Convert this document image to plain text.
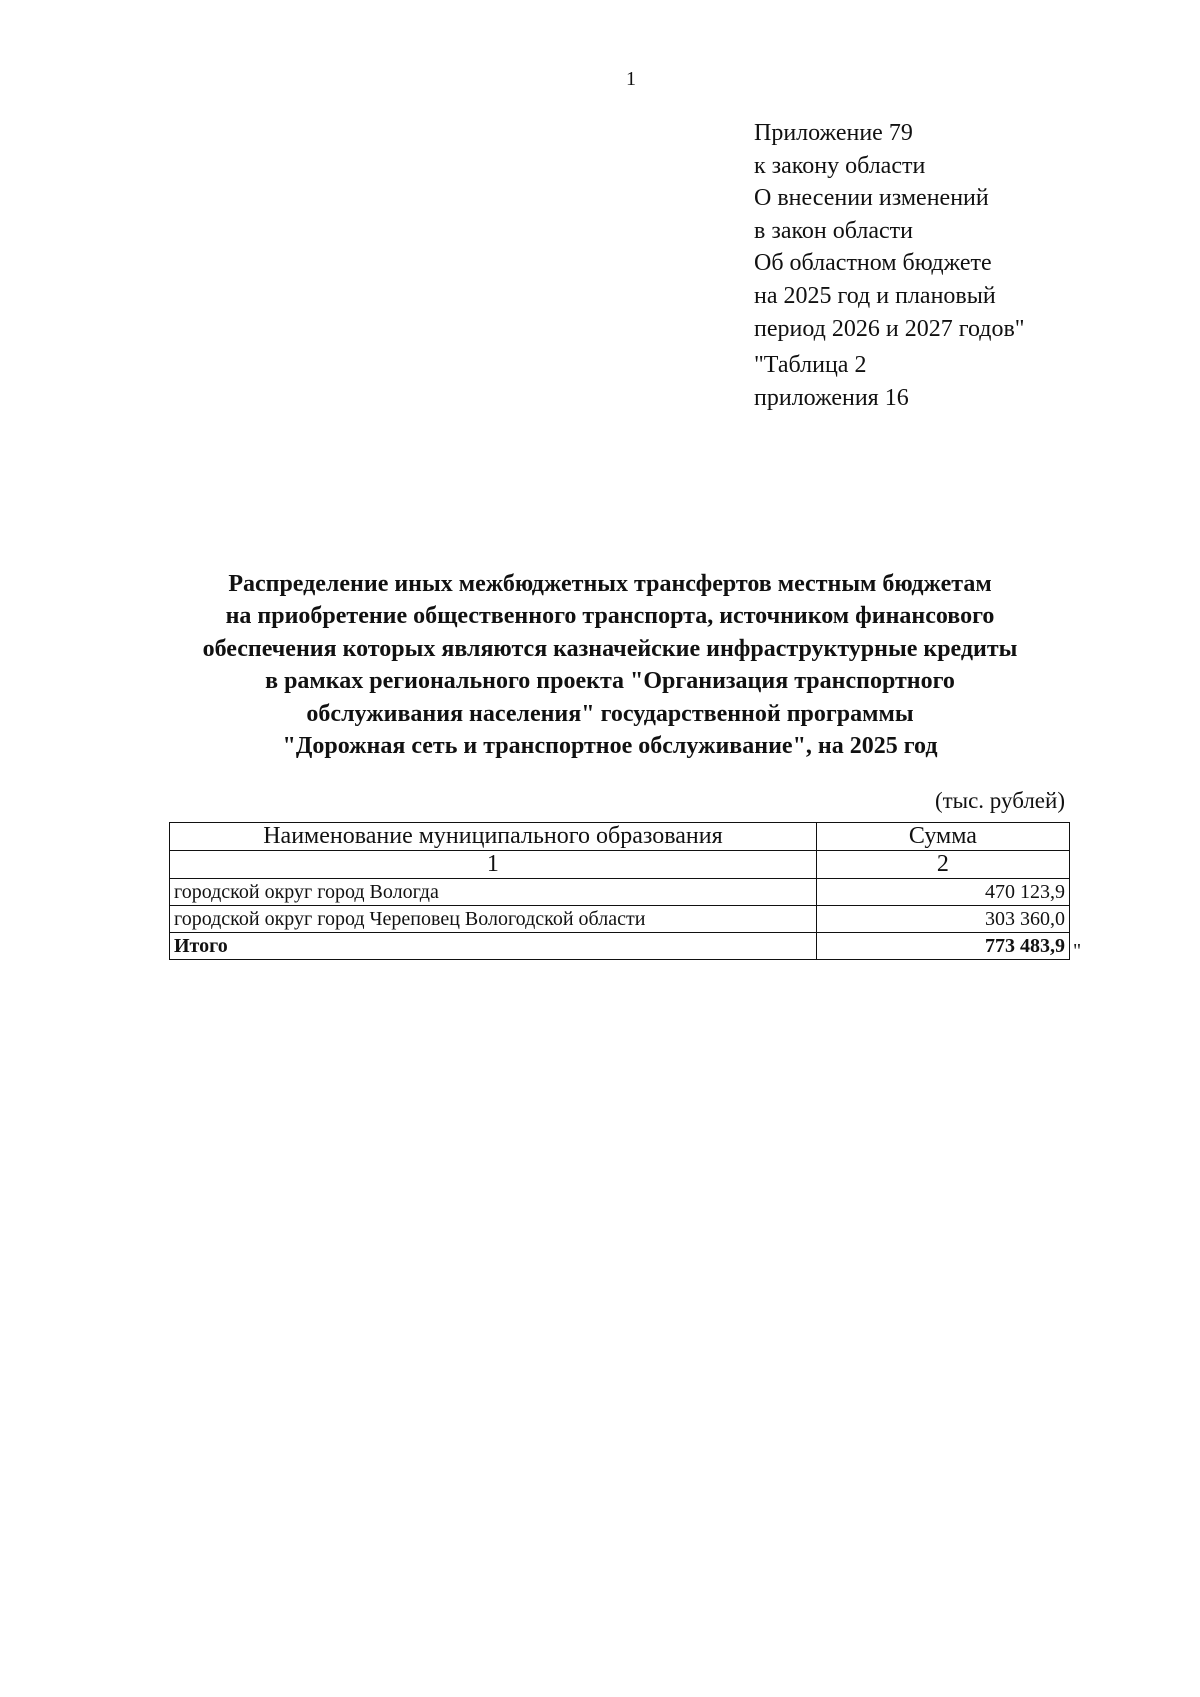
1
Приложение 79
к закону области
О внесении изменений
в закон области
Об областном бюджете
на 2025 год и плановый
период 2026 и 2027 годов"
"Таблица 2
приложения 16
Распределение иных межбюджетных трансфертов местным бюджетам
на приобретение общественного транспорта, источником финансового
обеспечения которых являются казначейские инфраструктурные кредиты
в рамках регионального проекта "Организация транспортного
обслуживания населения" государственной программы
"Дорожная сеть и транспортное обслуживание", на 2025 год
(тыс. рублей)
Наименование муниципального образования	Сумма
1	2
городской округ город Вологда	470 123,9
городской округ город Череповец Вологодской области	303 360,0
Итого	773 483,9 "
